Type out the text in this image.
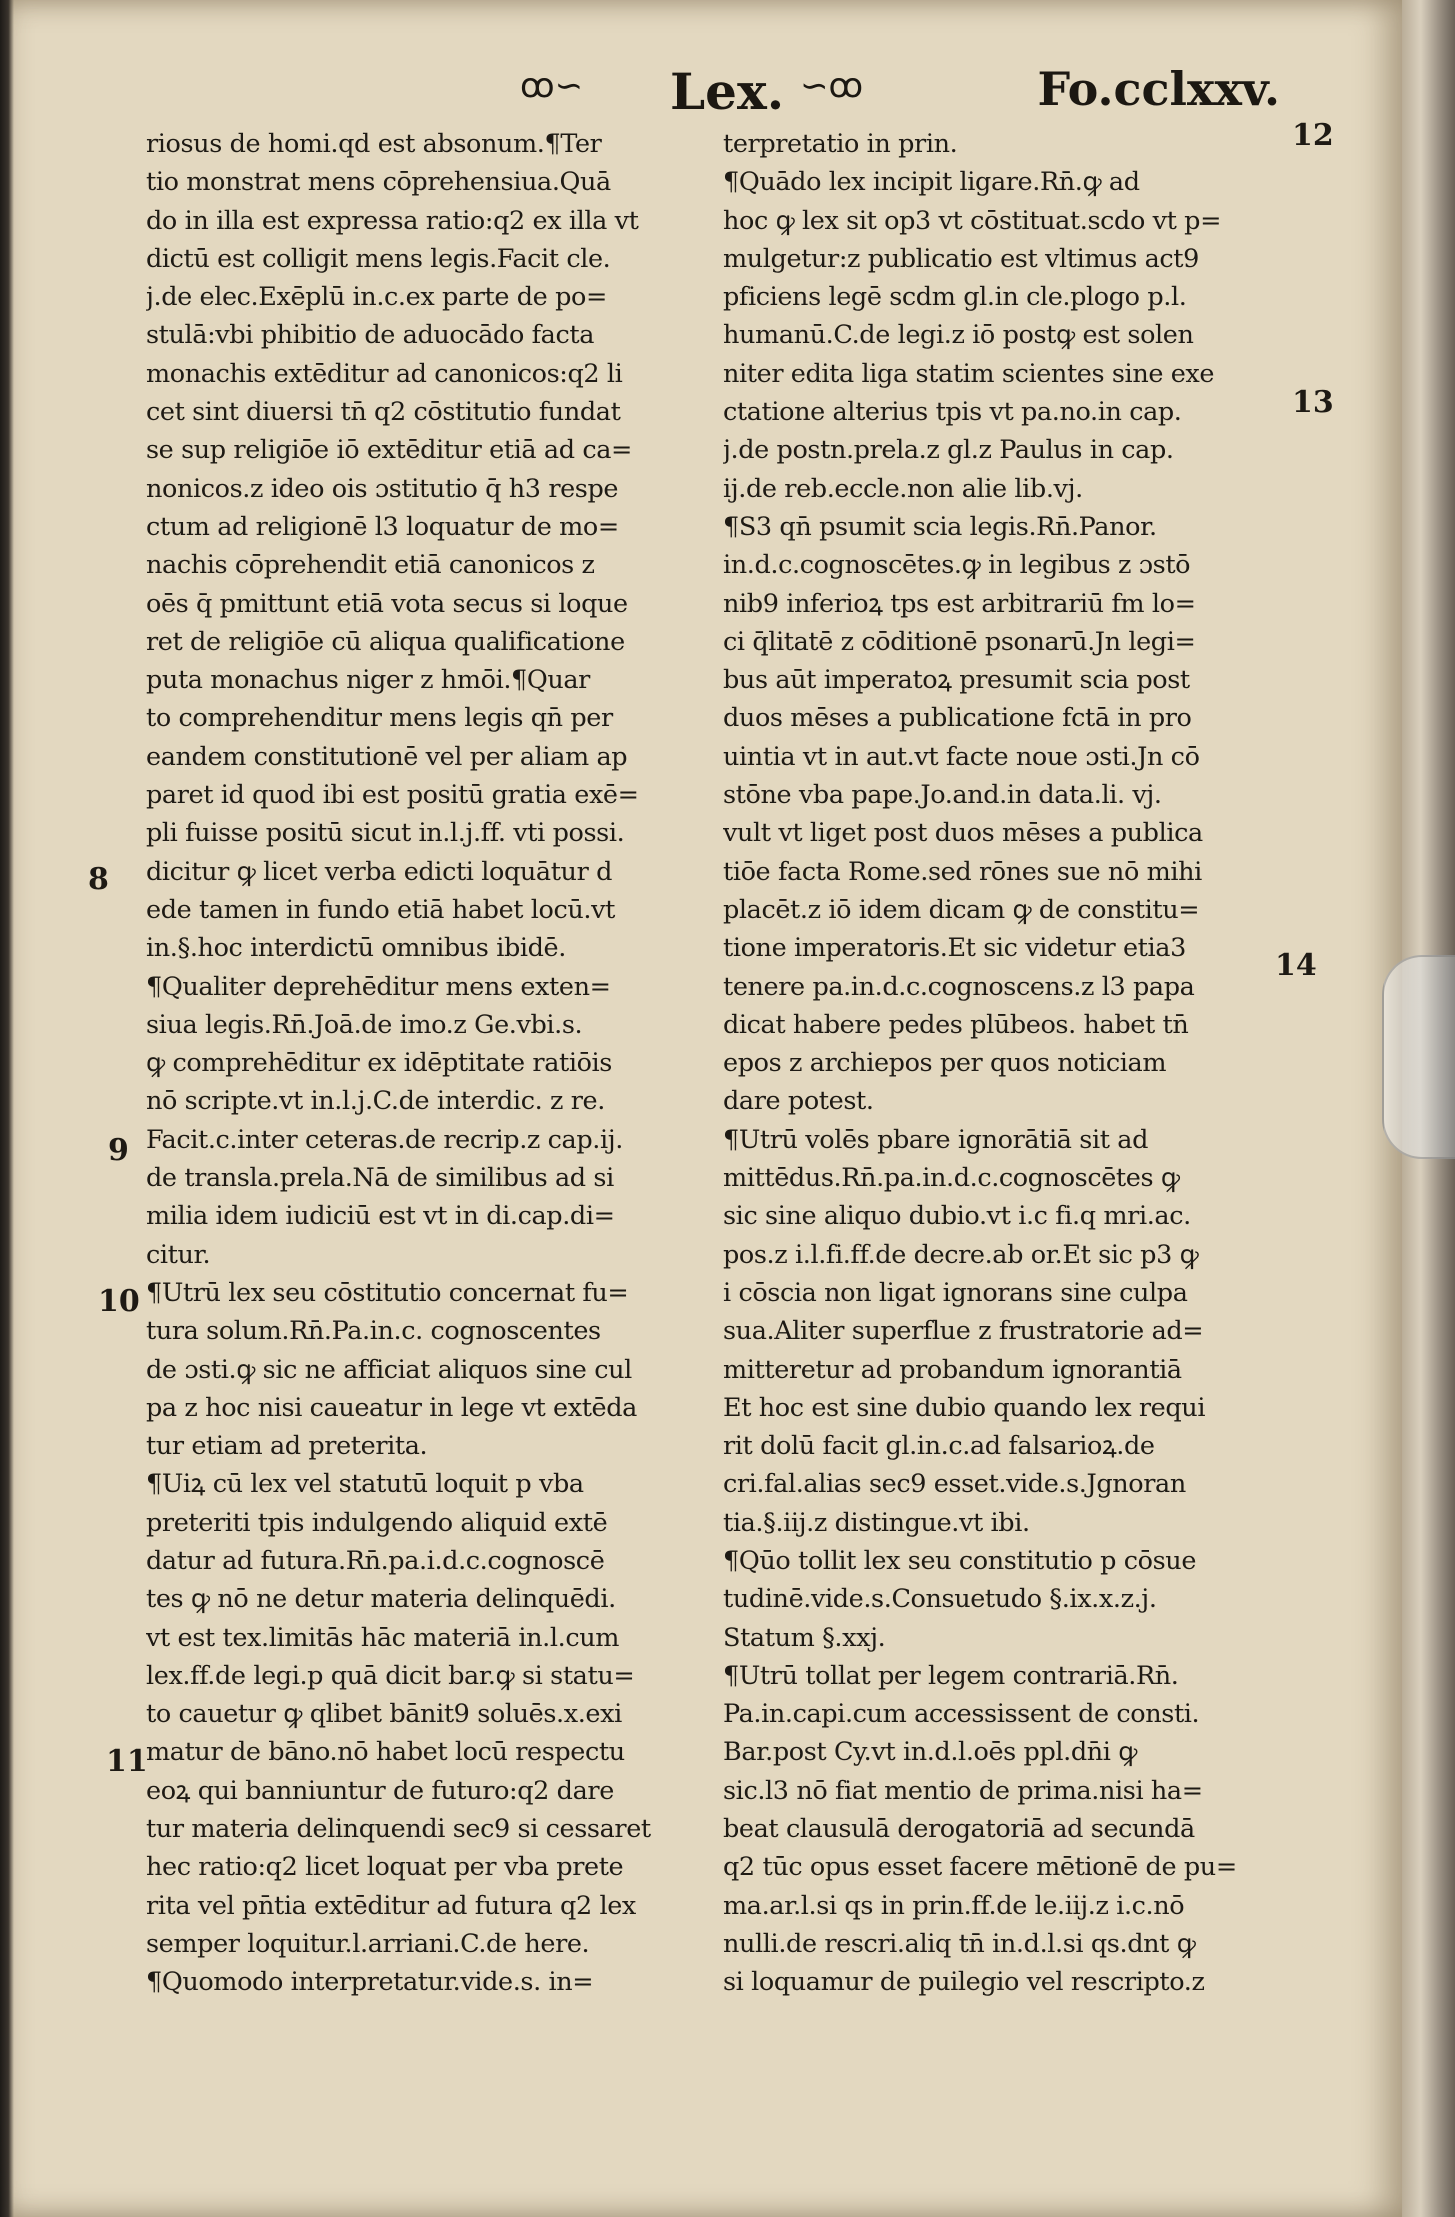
ꝏ∽ Lex. ∽ꝏ	Fo.cclxxv.
riosus de homi.qd est absonum.¶Ter
tio monstrat mens cōprehensiua.Quā
do in illa est expressa ratio:q2 ex illa vt
dictū est colligit mens legis.Facit cle.
j.de elec.Exēplū in.c.ex parte de po=
stulā:vbi phibitio de aduocādo facta
monachis extēditur ad canonicos:q2 li
cet sint diuersi tn̄ q2 cōstitutio fundat
se sup religiōe iō extēditur etiā ad ca=
nonicos.z ideo ois ɔstitutio q̄ h3 respe
ctum ad religionē l3 loquatur de mo=
nachis cōprehendit etiā canonicos z
oēs q̄ pmittunt etiā vota secus si loque
ret de religiōe cū aliqua qualificatione
puta monachus niger z hmōi.¶Quar
to comprehenditur mens legis qn̄ per
eandem constitutionē vel per aliam ap
paret id quod ibi est positū gratia exē=
pli fuisse positū sicut in.l.j.ff. vti possi.
dicitur ꝙ licet verba edicti loquātur d
ede tamen in fundo etiā habet locū.vt
in.§.hoc interdictū omnibus ibidē.
¶Qualiter deprehēditur mens exten=
siua legis.Rn̄.Joā.de imo.z Ge.vbi.s.
ꝙ comprehēditur ex idēptitate ratiōis
nō scripte.vt in.l.j.C.de interdic. z re.
Facit.c.inter ceteras.de recrip.z cap.ij.
de transla.prela.Nā de similibus ad si
milia idem iudiciū est vt in di.cap.di=
citur.
¶Utrū lex seu cōstitutio concernat fu=
tura solum.Rn̄.Pa.in.c. cognoscentes
de ɔsti.ꝙ sic ne afficiat aliquos sine cul
pa z hoc nisi caueatur in lege vt extēda
tur etiam ad preterita.
¶Uiꝝ cū lex vel statutū loquit p vba
preteriti tpis indulgendo aliquid extē
datur ad futura.Rn̄.pa.i.d.c.cognoscē
tes ꝙ nō ne detur materia delinquēdi.
vt est tex.limitās hāc materiā in.l.cum
lex.ff.de legi.p quā dicit bar.ꝙ si statu=
to cauetur ꝙ qlibet bānit9 soluēs.x.exi
matur de bāno.nō habet locū respectu
eoꝝ qui banniuntur de futuro:q2 dare
tur materia delinquendi sec9 si cessaret
hec ratio:q2 licet loquat per vba prete
rita vel pn̄tia extēditur ad futura q2 lex
semper loquitur.l.arriani.C.de here.
¶Quomodo interpretatur.vide.s. in=
terpretatio in prin.
¶Quādo lex incipit ligare.Rn̄.ꝙ ad
hoc ꝙ lex sit op3 vt cōstituat.scdo vt p=
mulgetur:z publicatio est vltimus act9
pficiens legē scdm gl.in cle.plogo p.l.
humanū.C.de legi.z iō postꝙ est solen
niter edita liga statim scientes sine exe
ctatione alterius tpis vt pa.no.in cap.
j.de postn.prela.z gl.z Paulus in cap.
ij.de reb.eccle.non alie lib.vj.
¶S3 qn̄ psumit scia legis.Rn̄.Panor.
in.d.c.cognoscētes.ꝙ in legibus z ɔstō
nib9 inferioꝝ tps est arbitrariū fm lo=
ci q̄litatē z cōditionē psonarū.Jn legi=
bus aūt imperatoꝝ presumit scia post
duos mēses a publicatione fctā in pro
uintia vt in aut.vt facte noue ɔsti.Jn cō
stōne vba pape.Jo.and.in data.li. vj.
vult vt liget post duos mēses a publica
tiōe facta Rome.sed rōnes sue nō mihi
placēt.z iō idem dicam ꝙ de constitu=
tione imperatoris.Et sic videtur etia3
tenere pa.in.d.c.cognoscens.z l3 papa
dicat habere pedes plūbeos. habet tn̄
epos z archiepos per quos noticiam
dare potest.
¶Utrū volēs pbare ignorātiā sit ad
mittēdus.Rn̄.pa.in.d.c.cognoscētes ꝙ
sic sine aliquo dubio.vt i.c fi.q mri.ac.
pos.z i.l.fi.ff.de decre.ab or.Et sic p3 ꝙ
i cōscia non ligat ignorans sine culpa
sua.Aliter superflue z frustratorie ad=
mitteretur ad probandum ignorantiā
Et hoc est sine dubio quando lex requi
rit dolū facit gl.in.c.ad falsarioꝝ.de
cri.fal.alias sec9 esset.vide.s.Jgnoran
tia.§.iij.z distingue.vt ibi.
¶Qūo tollit lex seu constitutio p cōsue
tudinē.vide.s.Consuetudo §.ix.x.z.j.
Statum §.xxj.
¶Utrū tollat per legem contrariā.Rn̄.
Pa.in.capi.cum accessissent de consti.
Bar.post Cy.vt in.d.l.oēs ppl.dn̄i ꝙ
sic.l3 nō fiat mentio de prima.nisi ha=
beat clausulā derogatoriā ad secundā
q2 tūc opus esset facere mētionē de pu=
ma.ar.l.si qs in prin.ff.de le.iij.z i.c.nō
nulli.de rescri.aliq tn̄ in.d.l.si qs.dnt ꝙ
si loquamur de puilegio vel rescripto.z
12
13
14
8
9
10
11
